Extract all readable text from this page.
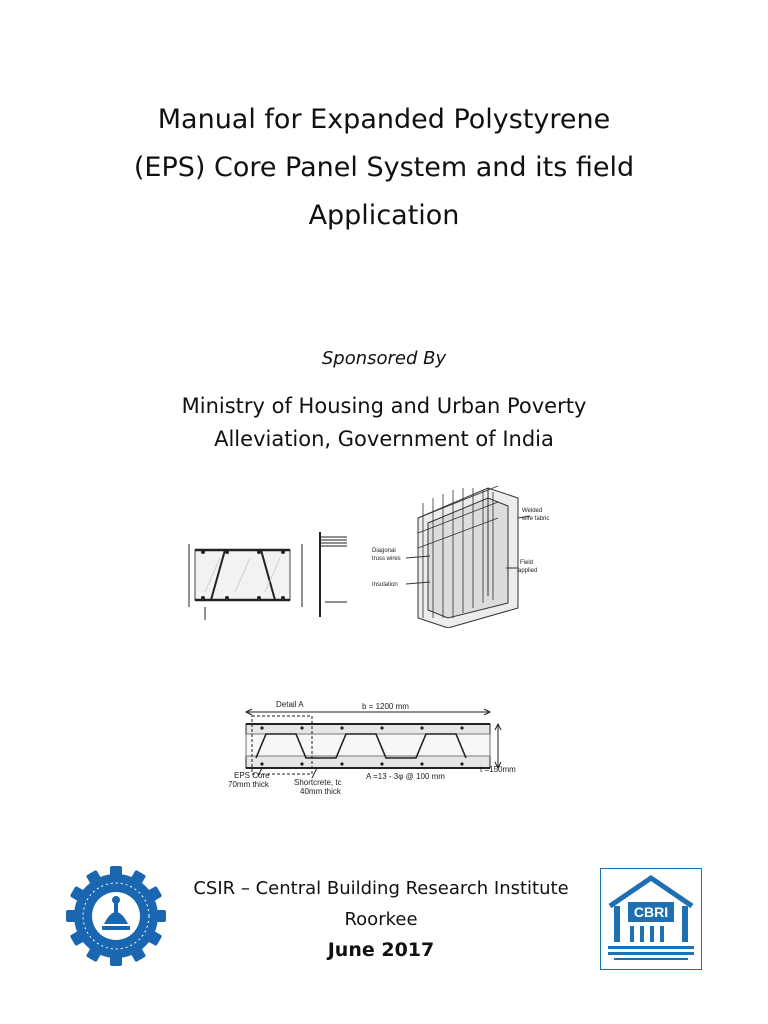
Manual for Expanded Polystyrene
(EPS) Core Panel System and its field
Application
Sponsored By
Ministry of Housing and Urban Poverty
Alleviation, Government of India
Welded
wire fabric
Diagonal
truss wires
Field
applied
Insulation
Detail A	b = 1200 mm
t =150mm
EPS Core
70mm thick	Shortcrete, tc
40mm thick
A =13 - 3φ @ 100 mm
CSIR – Central Building Research Institute
Roorkee
June 2017
CBRI
